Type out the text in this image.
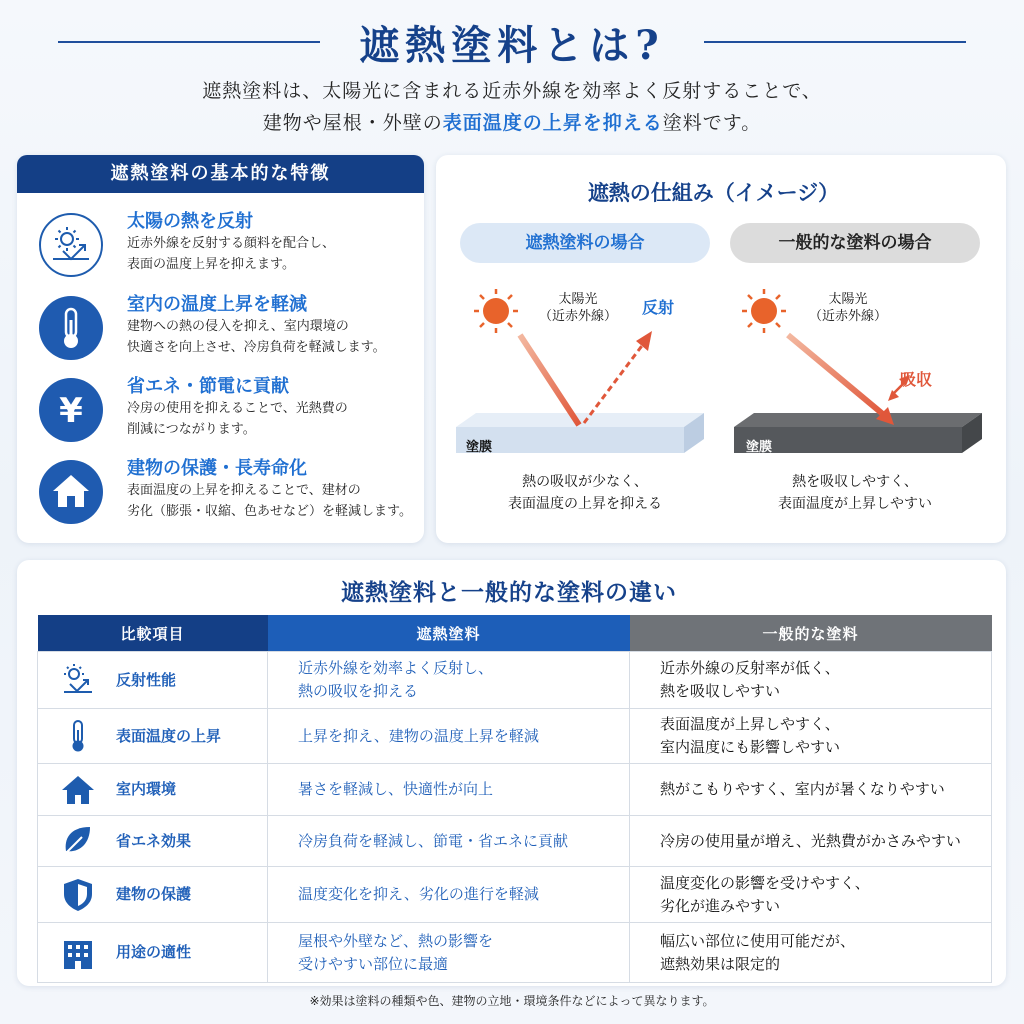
遮熱塗料とは?
遮熱塗料は、太陽光に含まれる近赤外線を効率よく反射することで、
建物や屋根・外壁の表面温度の上昇を抑える塗料です。
遮熱塗料の基本的な特徴
太陽の熱を反射
近赤外線を反射する顔料を配合し、
表面の温度上昇を抑えます。
室内の温度上昇を軽減
建物への熱の侵入を抑え、室内環境の
快適さを向上させ、冷房負荷を軽減します。
¥
省エネ・節電に貢献
冷房の使用を抑えることで、光熱費の
削減につながります。
建物の保護・長寿命化
表面温度の上昇を抑えることで、建材の
劣化（膨張・収縮、色あせなど）を軽減します。
遮熱の仕組み（イメージ）
遮熱塗料の場合	一般的な塗料の場合
太陽光
（近赤外線）	反射
塗膜
熱の吸収が少なく、
表面温度の上昇を抑える
太陽光
（近赤外線）
吸収
塗膜
熱を吸収しやすく、
表面温度が上昇しやすい
遮熱塗料と一般的な塗料の違い
比較項目	遮熱塗料	一般的な塗料

反射性能	近赤外線を効率よく反射し、
熱の吸収を抑える	近赤外線の反射率が低く、
熱を吸収しやすい

表面温度の上昇	上昇を抑え、建物の温度上昇を軽減	表面温度が上昇しやすく、
室内温度にも影響しやすい

室内環境	暑さを軽減し、快適性が向上	熱がこもりやすく、室内が暑くなりやすい

省エネ効果	冷房負荷を軽減し、節電・省エネに貢献	冷房の使用量が増え、光熱費がかさみやすい

建物の保護	温度変化を抑え、劣化の進行を軽減	温度変化の影響を受けやすく、
劣化が進みやすい

用途の適性	屋根や外壁など、熱の影響を
受けやすい部位に最適	幅広い部位に使用可能だが、
遮熱効果は限定的
※効果は塗料の種類や色、建物の立地・環境条件などによって異なります。
